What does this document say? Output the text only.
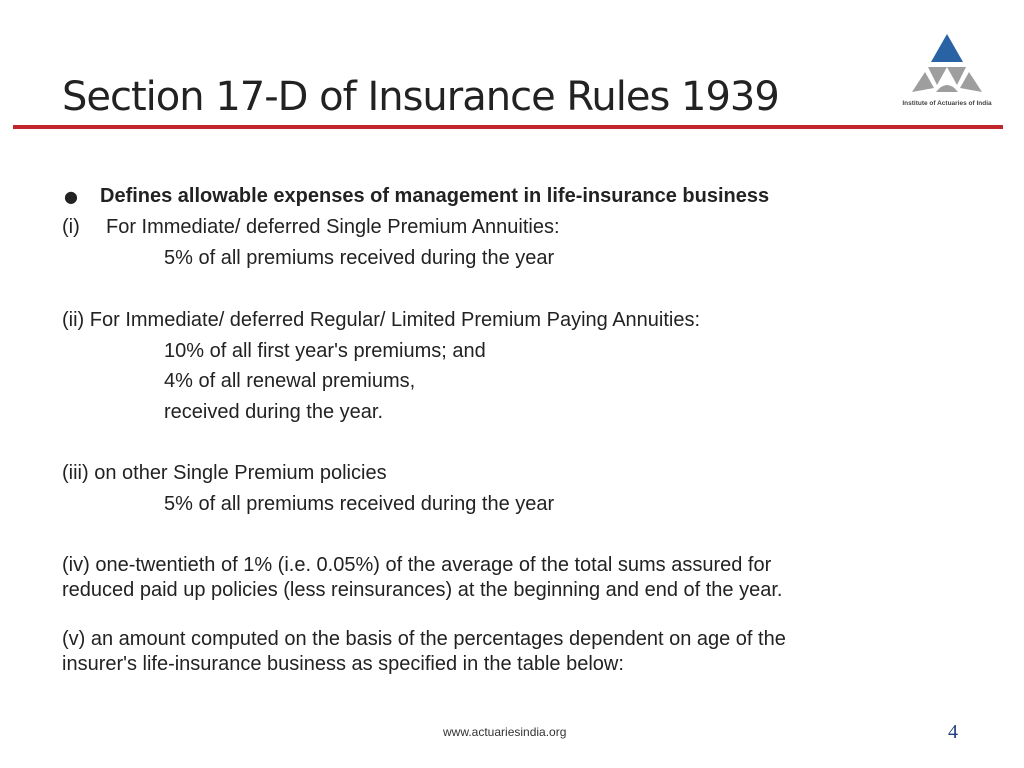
Section 17-D of Insurance Rules 1939	Institute of Actuaries of India
● Defines allowable expenses of management in life-insurance business

(i) For Immediate/ deferred Single Premium Annuities:

5% of all premiums received during the year

(ii) For Immediate/ deferred Regular/ Limited Premium Paying Annuities:

10% of all first year's premiums; and

4% of all renewal premiums,

received during the year.

(iii) on other Single Premium policies

5% of all premiums received during the year

(iv) one-twentieth of 1% (i.e. 0.05%) of the average of the total sums assured for

reduced paid up policies (less reinsurances) at the beginning and end of the year.

(v) an amount computed on the basis of the percentages dependent on age of the

insurer's life-insurance business as specified in the table below:

www.actuariesindia.org	4
